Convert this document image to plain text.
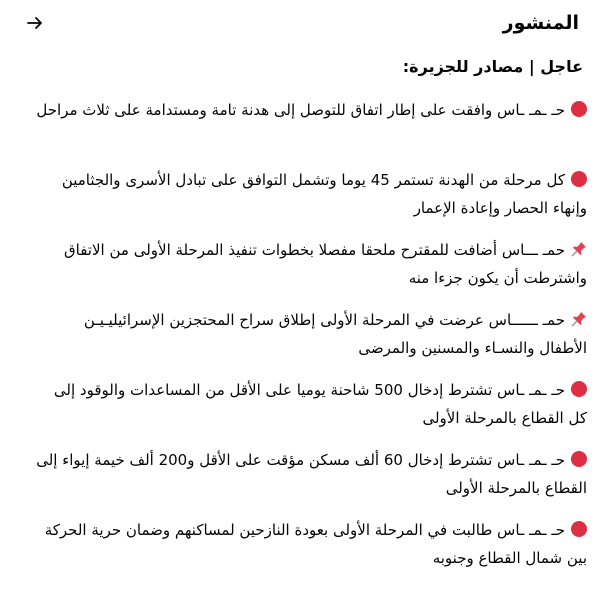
المنشور
عاجل | مصادر للجزيرة:
حـ ـمـ ـاس وافقت على إطار اتفاق للتوصل إلى هدنة تامة ومستدامة على ثلاث مراحل
كل مرحلة من الهدنة تستمر 45 يوما وتشمل التوافق على تبادل الأسرى والجثامين وإنهاء الحصار وإعادة الإعمار
حمـ ـــاس أضافت للمقترح ملحقا مفصلا بخطوات تنفيذ المرحلة الأولى من الاتفاق واشترطت أن يكون جزءا منه
حمـ ــــــاس عرضت في المرحلة الأولى إطلاق سراح المحتجزين الإسرائيليـيـن الأطفال والنسـاء والمسنين والمرضى
حـ ـمـ ـاس تشترط إدخال 500 شاحنة يوميا على الأقل من المساعدات والوقود إلى كل القطاع بالمرحلة الأولى
حـ ـمـ ـاس تشترط إدخال 60 ألف مسكن مؤقت على الأقل و200 ألف خيمة إيواء إلى القطاع بالمرحلة الأولى
حـ ـمـ ـاس طالبت في المرحلة الأولى بعودة النازحين لمساكنهم وضمان حرية الحركة بين شمال القطاع وجنوبه
